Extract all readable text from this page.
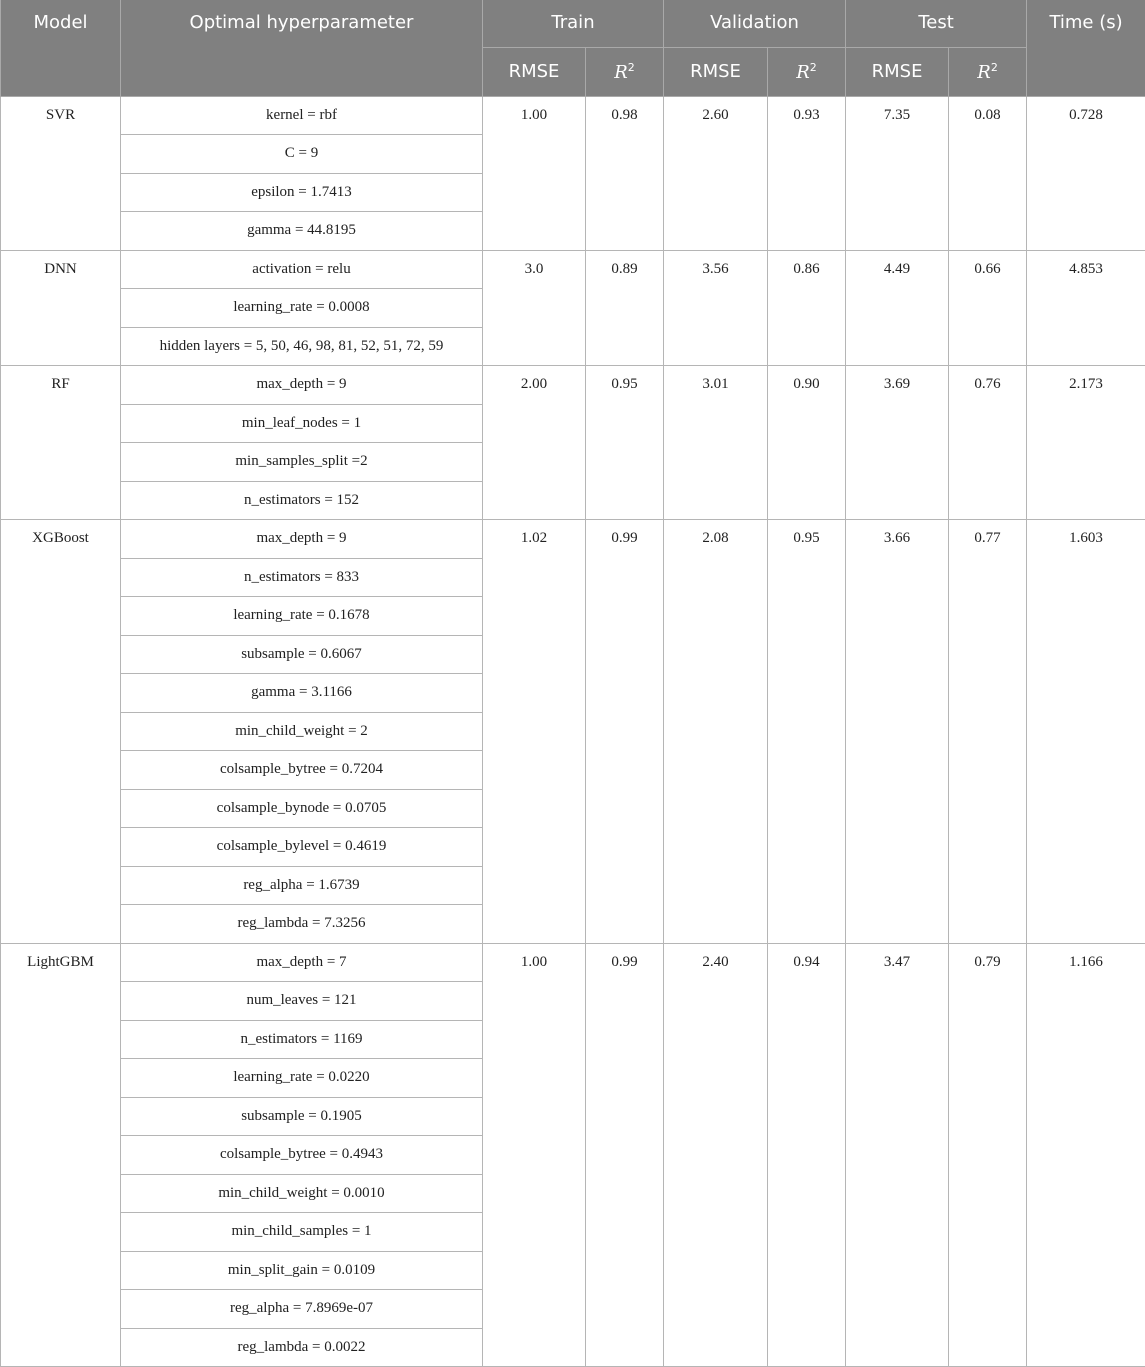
Model	Optimal hyperparameter	Train		Validation		Test		Time (s)
		RMSE	$R^2$	RMSE	$R^2$	RMSE	$R^2$
SVR	kernel = rbf	1.00	0.98	2.60	0.93	7.35	0.08	0.728
	C = 9							
	epsilon = 1.7413							
	gamma = 44.8195							
DNN	activation = relu	3.0	0.89	3.56	0.86	4.49	0.66	4.853
	learning_rate = 0.0008							
	hidden layers = 5, 50, 46, 98, 81, 52, 51, 72, 59							
RF	max_depth = 9	2.00	0.95	3.01	0.90	3.69	0.76	2.173
	min_leaf_nodes = 1							
	min_samples_split =2							
	n_estimators = 152							
XGBoost	max_depth = 9	1.02	0.99	2.08	0.95	3.66	0.77	1.603
	n_estimators = 833							
	learning_rate = 0.1678							
	subsample = 0.6067							
	gamma = 3.1166							
	min_child_weight = 2							
	colsample_bytree = 0.7204							
	colsample_bynode = 0.0705							
	colsample_bylevel = 0.4619							
	reg_alpha = 1.6739							
	reg_lambda = 7.3256							
LightGBM	max_depth = 7	1.00	0.99	2.40	0.94	3.47	0.79	1.166
	num_leaves = 121							
	n_estimators = 1169							
	learning_rate = 0.0220							
	subsample = 0.1905							
	colsample_bytree = 0.4943							
	min_child_weight = 0.0010							
	min_child_samples = 1							
	min_split_gain = 0.0109							
	reg_alpha = 7.8969e-07							
	reg_lambda = 0.0022							
